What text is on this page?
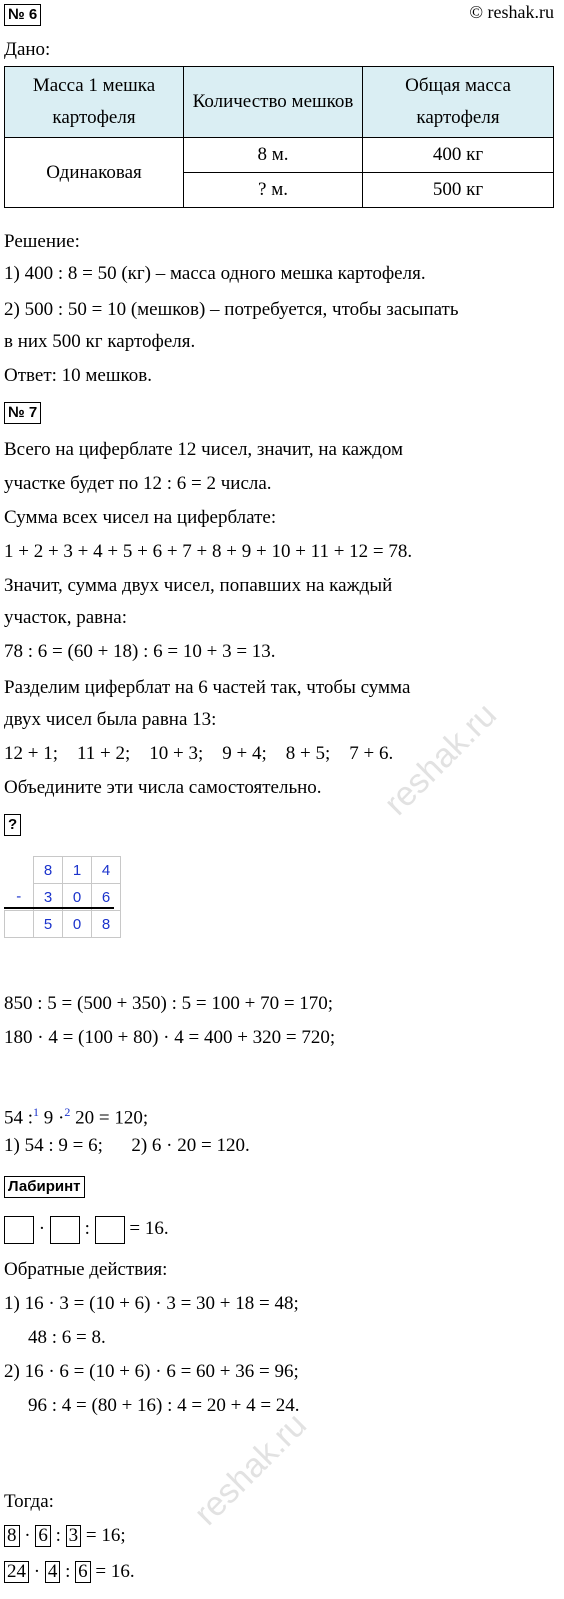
№ 6	© reshak.ru
Дано:
Масса 1 мешка картофеля	Количество мешков	Общая масса картофеля
Одинаковая	8 м.	400 кг
	? м.	500 кг
Решение:
1) 400 : 8 = 50 (кг) – масса одного мешка картофеля.
2) 500 : 50 = 10 (мешков) – потребуется, чтобы засыпать
в них 500 кг картофеля.
Ответ: 10 мешков.
№ 7
Всего на циферблате 12 чисел, значит, на каждом
участке будет по 12 : 6 = 2 числа.
Сумма всех чисел на циферблате:
1 + 2 + 3 + 4 + 5 + 6 + 7 + 8 + 9 + 10 + 11 + 12 = 78.
Значит, сумма двух чисел, попавших на каждый
участок, равна:
78 : 6 = (60 + 18) : 6 = 10 + 3 = 13.
Разделим циферблат на 6 частей так, чтобы сумма
двух чисел была равна 13:
12 + 1;    11 + 2;    10 + 3;    9 + 4;    8 + 5;    7 + 6.
Объедините эти числа самостоятельно.
?
	8	1	4
-	3	0	6
	5	0	8
850 : 5 = (500 + 350) : 5 = 100 + 70 = 170;
180 · 4 = (100 + 80) · 4 = 400 + 320 = 720;
54 :$^1$ 9 ·$^2$ 20 = 120;
1) 54 : 9 = 6;      2) 6 · 20 = 120.
Лабиринт
· : = 16.
Обратные действия:
1) 16 · 3 = (10 + 6) · 3 = 30 + 18 = 48;
48 : 6 = 8.
2) 16 · 6 = (10 + 6) · 6 = 60 + 36 = 96;
96 : 4 = (80 + 16) : 4 = 20 + 4 = 24.
Тогда:
8 · 6 : 3 = 16;
24 · 4 : 6 = 16.
reshak.ru
reshak.ru
